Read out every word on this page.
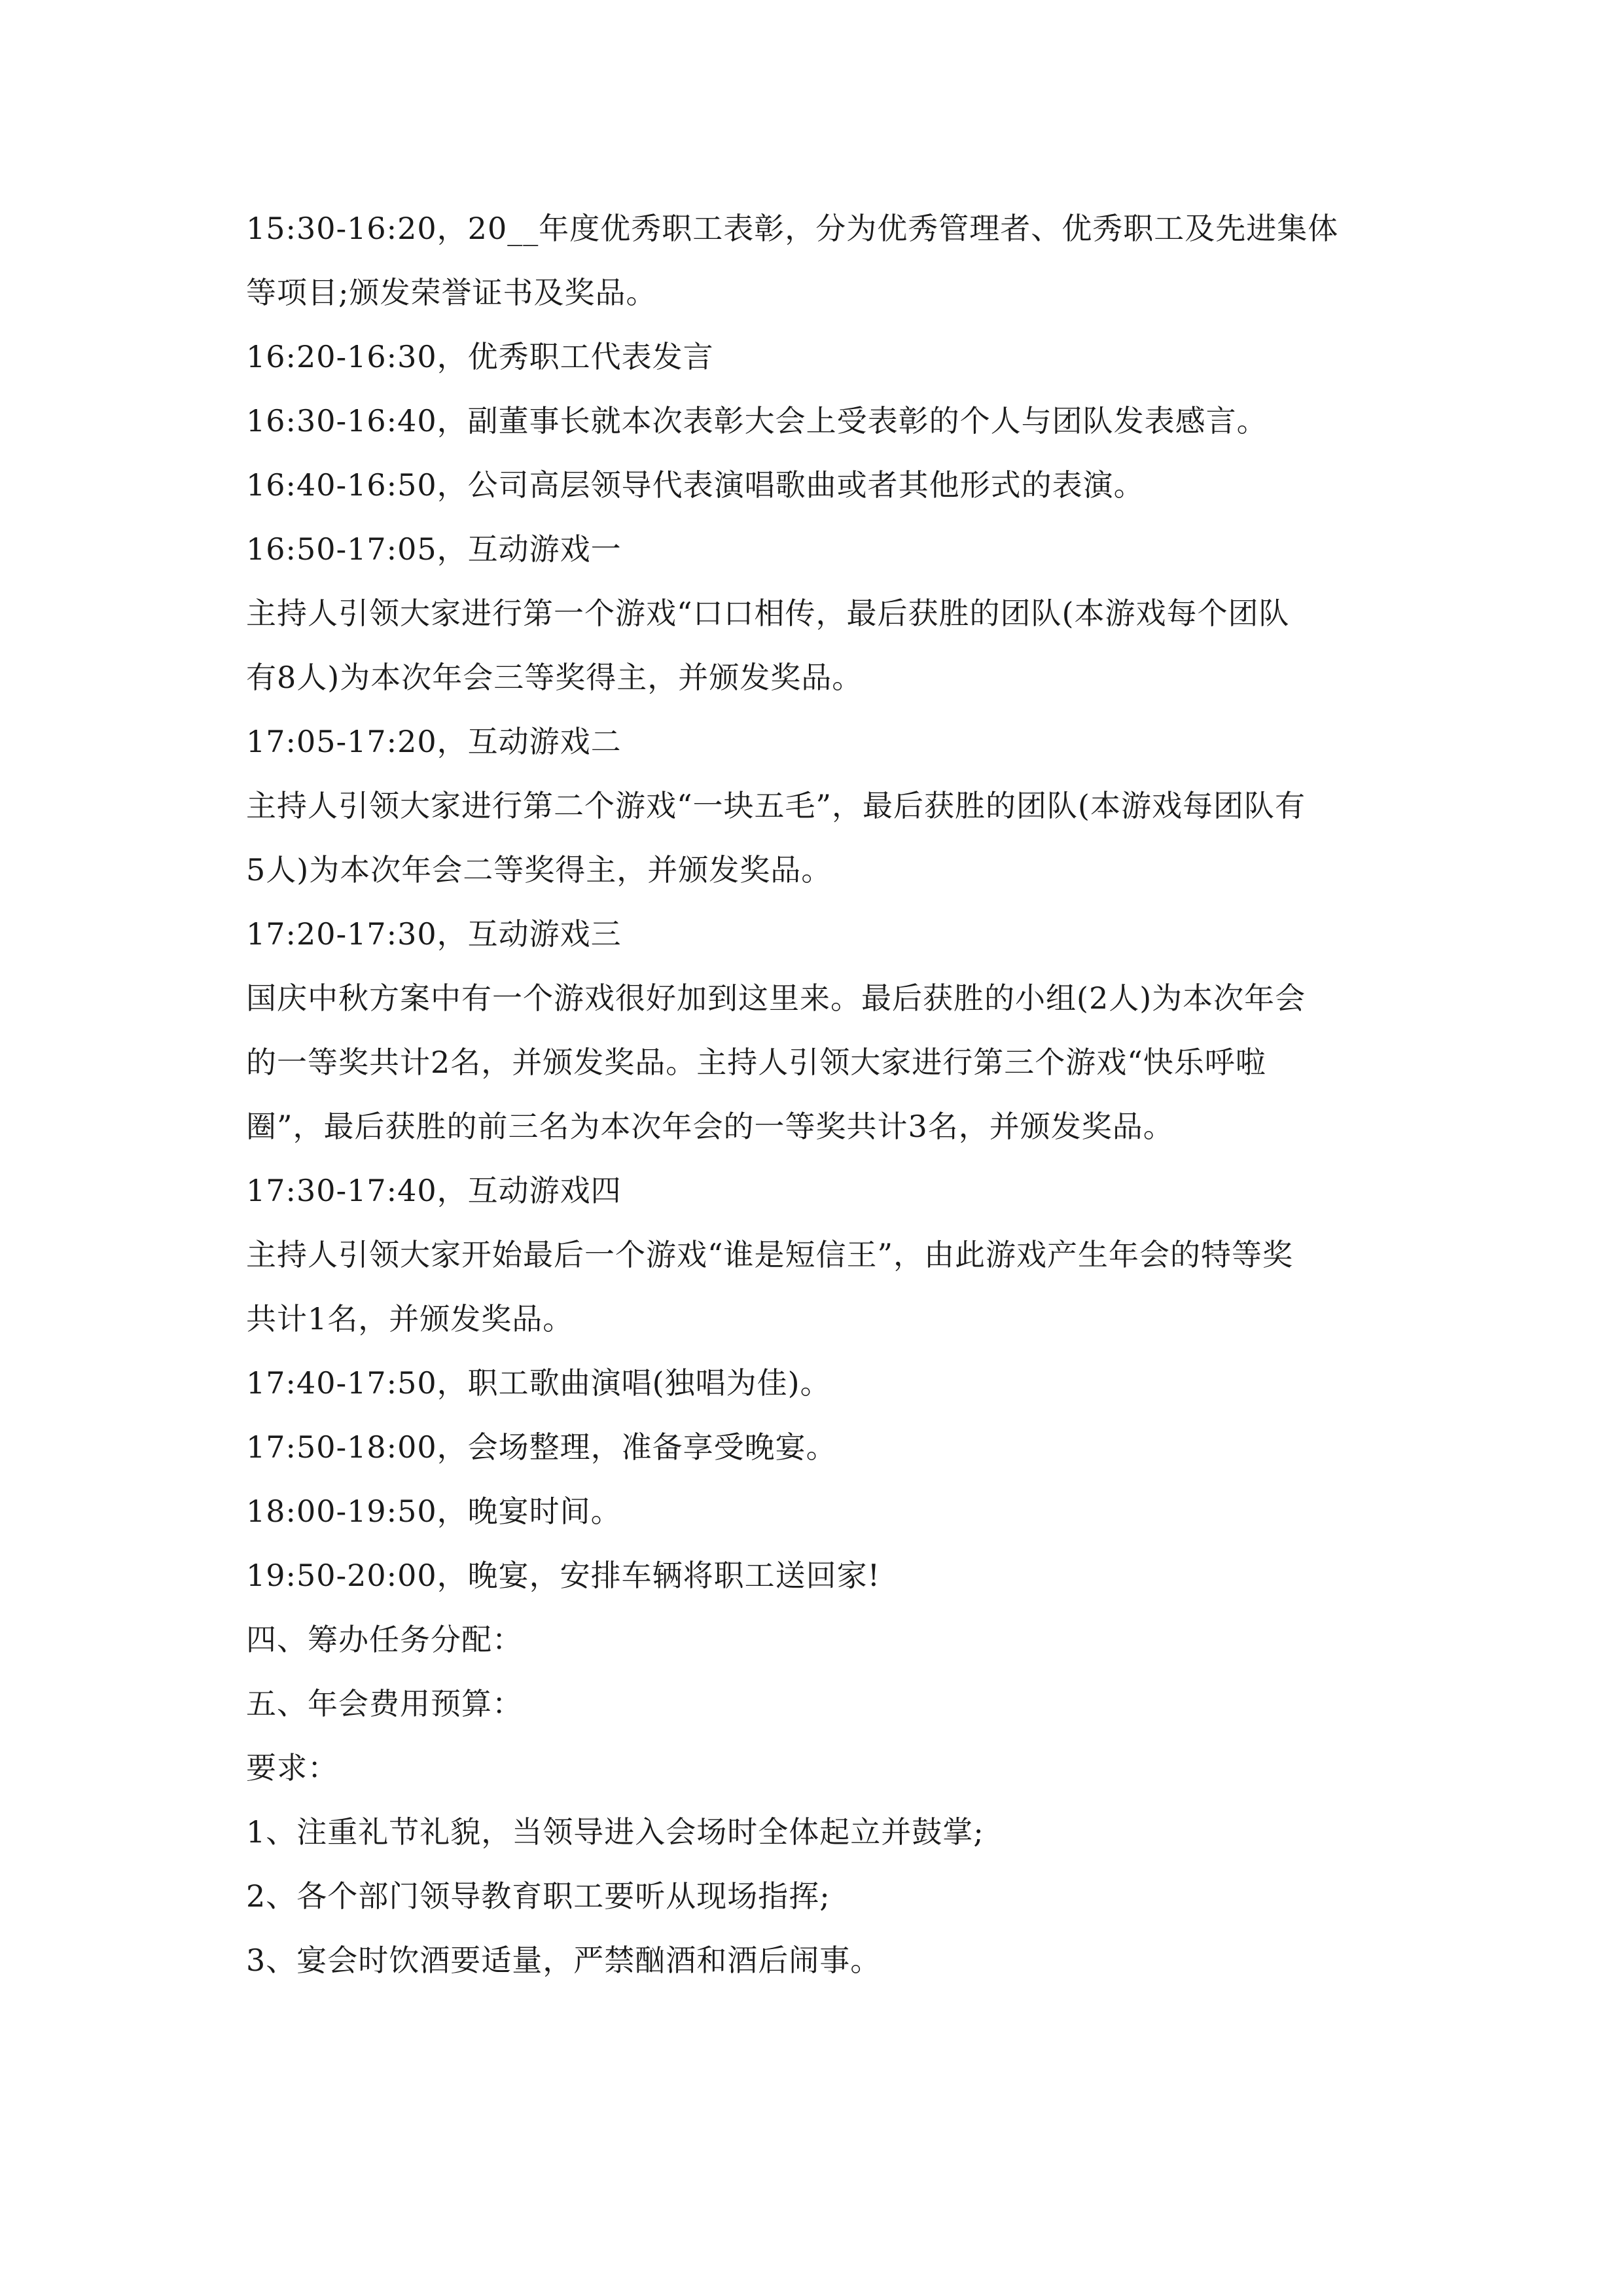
15:30-16:20，20__年度优秀职工表彰，分为优秀管理者、优秀职工及先进集体
等项目;颁发荣誉证书及奖品。
16:20-16:30，优秀职工代表发言
16:30-16:40，副董事长就本次表彰大会上受表彰的个人与团队发表感言。
16:40-16:50，公司高层领导代表演唱歌曲或者其他形式的表演。
16:50-17:05，互动游戏一
主持人引领大家进行第一个游戏“口口相传，最后获胜的团队(本游戏每个团队
有8人)为本次年会三等奖得主，并颁发奖品。
17:05-17:20，互动游戏二
主持人引领大家进行第二个游戏“一块五毛”，最后获胜的团队(本游戏每团队有
5人)为本次年会二等奖得主，并颁发奖品。
17:20-17:30，互动游戏三
国庆中秋方案中有一个游戏很好加到这里来。最后获胜的小组(2人)为本次年会
的一等奖共计2名，并颁发奖品。主持人引领大家进行第三个游戏“快乐呼啦
圈”，最后获胜的前三名为本次年会的一等奖共计3名，并颁发奖品。
17:30-17:40，互动游戏四
主持人引领大家开始最后一个游戏“谁是短信王”，由此游戏产生年会的特等奖
共计1名，并颁发奖品。
17:40-17:50，职工歌曲演唱(独唱为佳)。
17:50-18:00，会场整理，准备享受晚宴。
18:00-19:50，晚宴时间。
19:50-20:00，晚宴，安排车辆将职工送回家!
四、筹办任务分配：
五、年会费用预算：
要求：
1、注重礼节礼貌，当领导进入会场时全体起立并鼓掌;
2、各个部门领导教育职工要听从现场指挥;
3、宴会时饮酒要适量，严禁酗酒和酒后闹事。
